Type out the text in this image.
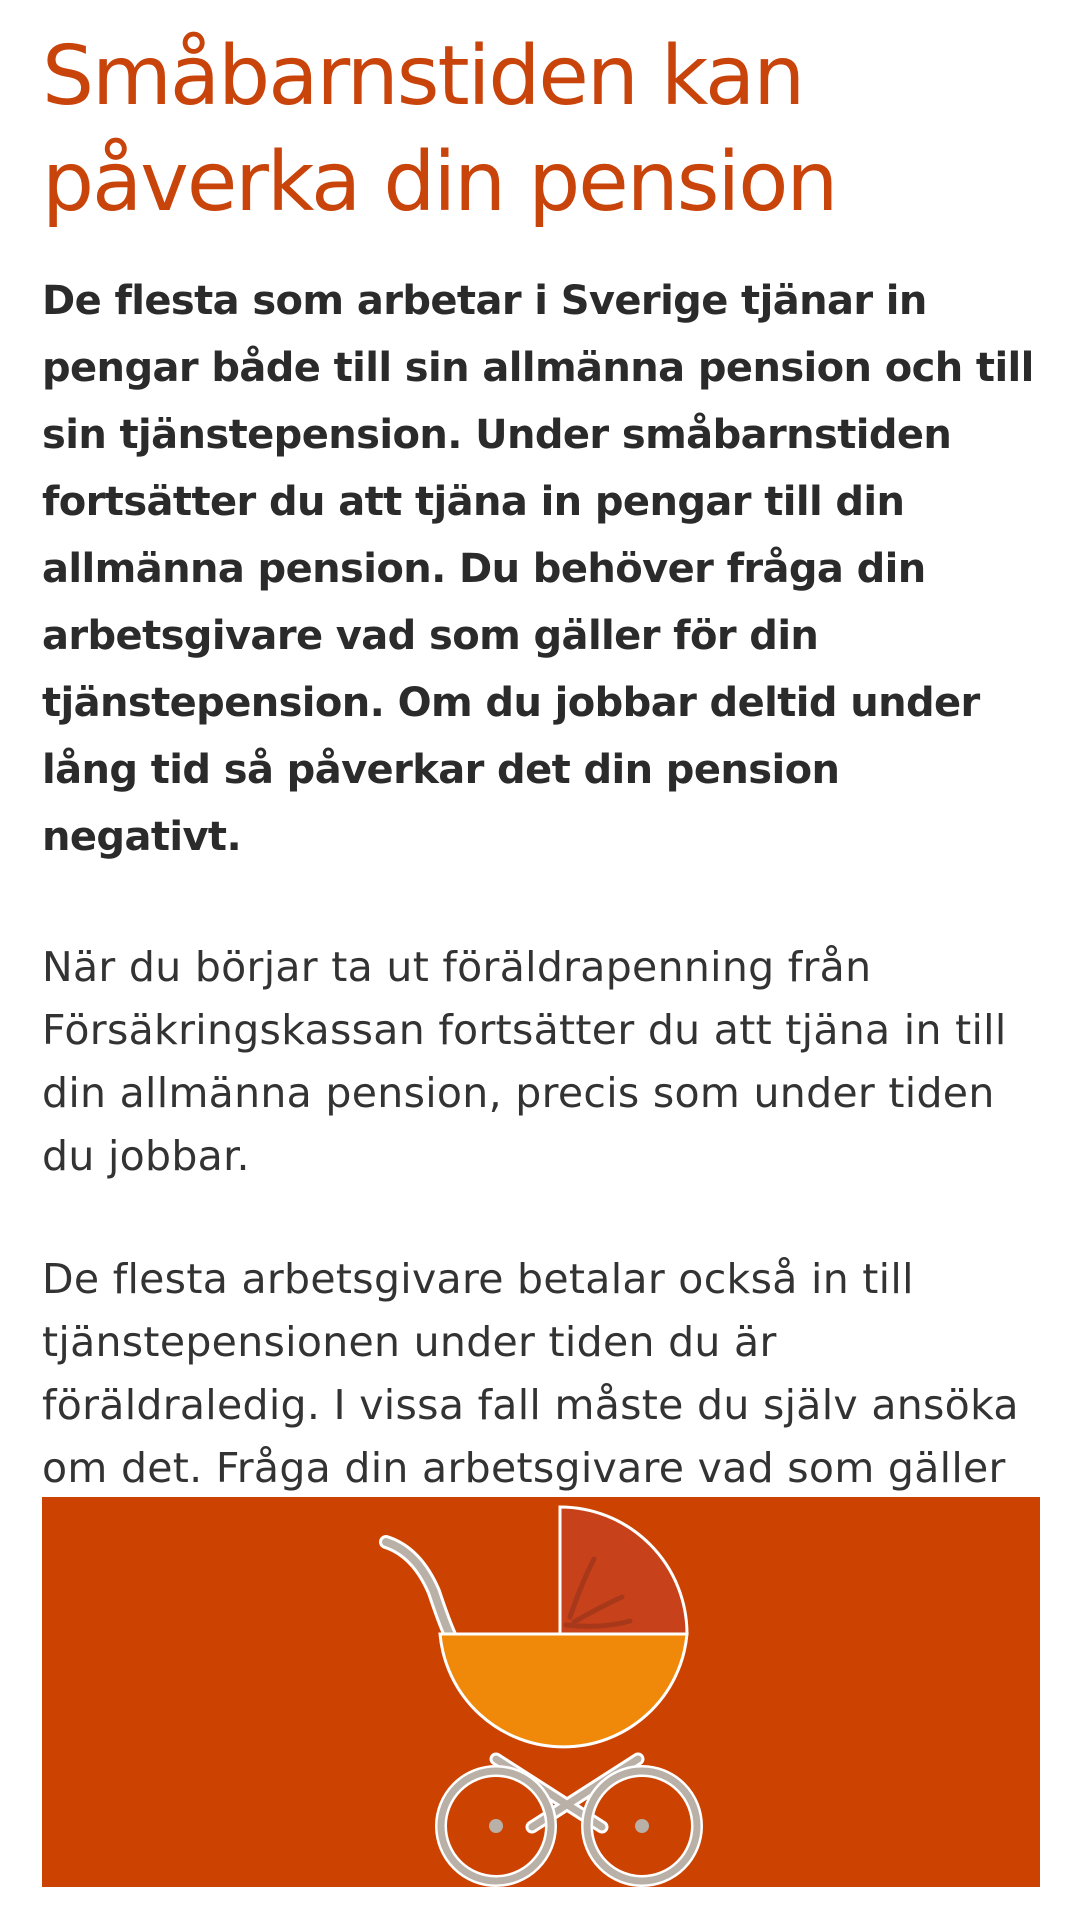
Småbarnstiden kan påverka din pension

De flesta som arbetar i Sverige tjänar in pengar både till sin allmänna pension och till sin tjänstepension. Under småbarnstiden fortsätter du att tjäna in pengar till din allmänna pension. Du behöver fråga din arbetsgivare vad som gäller för din tjänstepension. Om du jobbar deltid under lång tid så påverkar det din pension negativt.

När du börjar ta ut föräldrapenning från Försäkringskassan fortsätter du att tjäna in till din allmänna pension, precis som under tiden du jobbar.

De flesta arbetsgivare betalar också in till tjänstepensionen under tiden du är föräldraledig. I vissa fall måste du själv ansöka om det. Fråga din arbetsgivare vad som gäller
